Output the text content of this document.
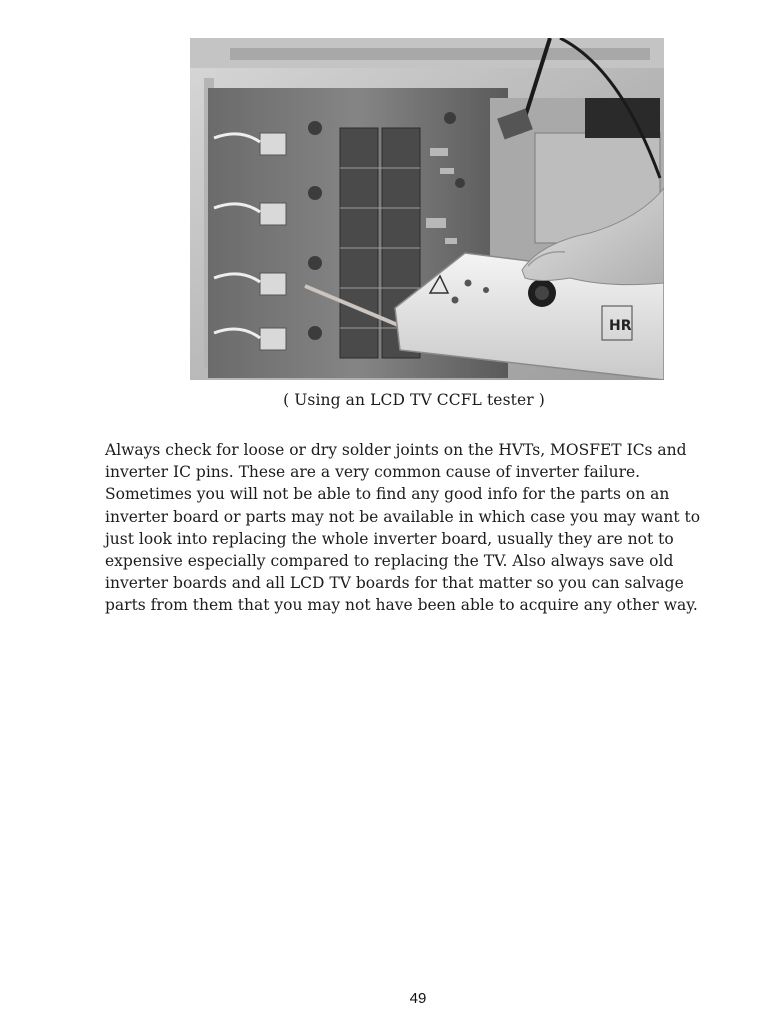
HR
( Using an LCD TV CCFL tester )

Always check for loose or dry solder joints on the HVTs, MOSFET ICs and
inverter IC pins. These are a very common cause of inverter failure.
Sometimes you will not be able to find any good info for the parts on an
inverter board or parts may not be available in which case you may want to
just look into replacing the whole inverter board, usually they are not to
expensive especially compared to replacing the TV. Also always save old
inverter boards and all LCD TV boards for that matter so you can salvage
parts from them that you may not have been able to acquire any other way.

49
